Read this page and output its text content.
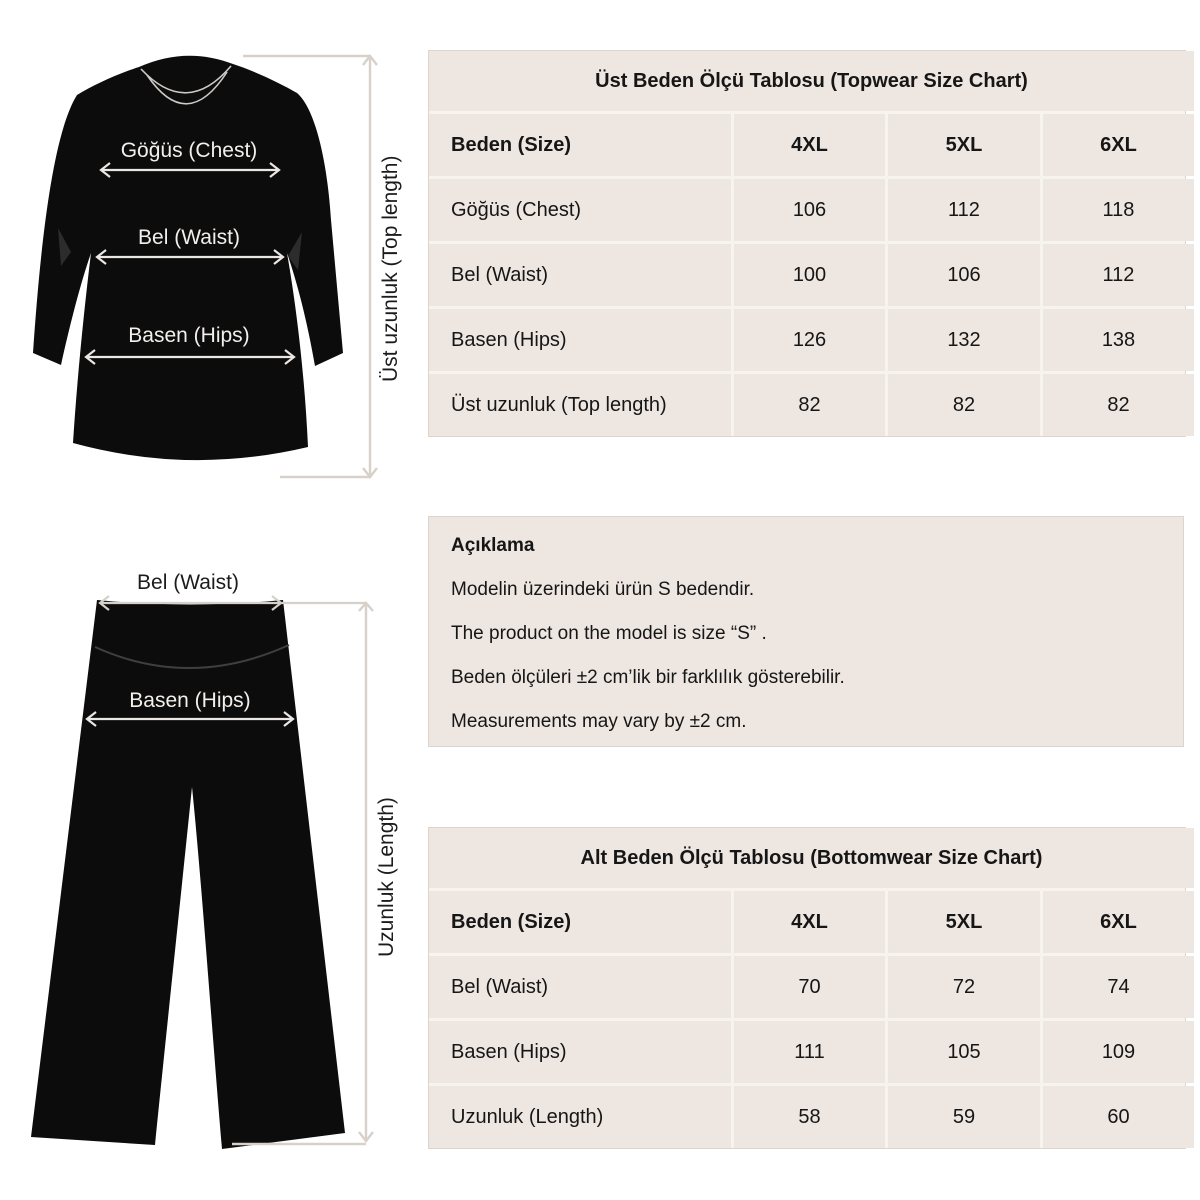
Göğüs (Chest)
Bel (Waist)
Basen (Hips)	Üst uzunluk (Top length)
Bel (Waist)
Basen (Hips)
Uzunluk (Length)
Üst Beden Ölçü Tablosu (Topwear Size Chart)
Beden (Size)	4XL	5XL	6XL
Göğüs (Chest)	106	112	118
Bel (Waist)	100	106	112
Basen (Hips)	126	132	138
Üst uzunluk (Top length)	82	82	82
Açıklama

Modelin üzerindeki ürün S bedendir.

The product on the model is size “S” .

Beden ölçüleri ±2 cm’lik bir farklılık gösterebilir.

Measurements may vary by ±2 cm.

Alt Beden Ölçü Tablosu (Bottomwear Size Chart)
Beden (Size)	4XL	5XL	6XL
Bel (Waist)	70	72	74
Basen (Hips)	111	105	109
Uzunluk (Length)	58	59	60
